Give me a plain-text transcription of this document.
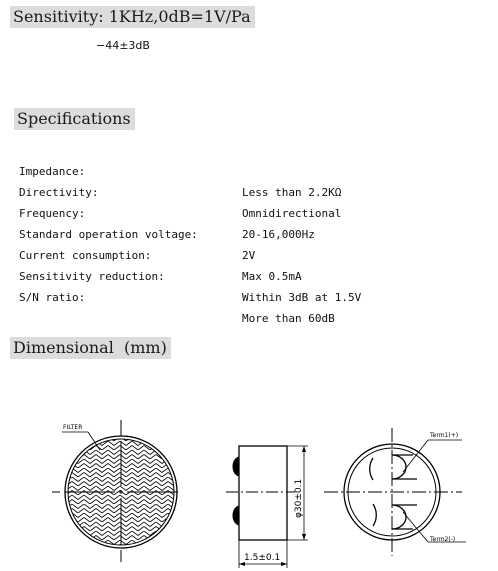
Sensitivity: 1KHz,0dB=1V/Pa
−44±3dB
Specifications

Impedance:

Less than 2.2KΩ

Directivity:

Omnidirectional

Frequency:

20-16,000Hz

Standard operation voltage:

2V

Current consumption:

Max 0.5mA

Sensitivity reduction:

Within 3dB at 1.5V

S/N ratio:

More than 60dB

Dimensional  (mm)
FILTER
φ30±0.1
1.5±0.1
Term1(+)
Term2(-)
